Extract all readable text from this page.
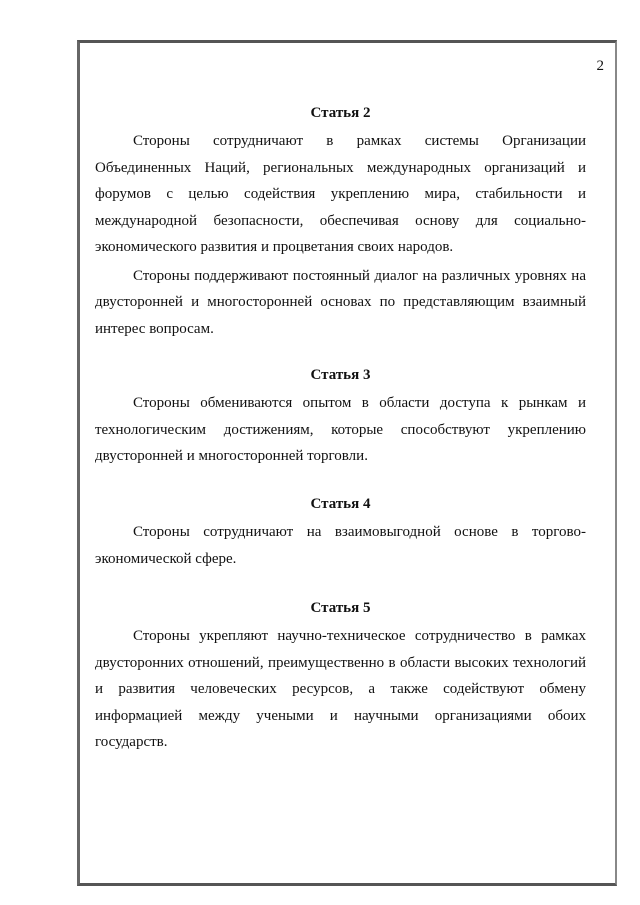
2
Статья 2

Стороны сотрудничают в рамках системы Организации Объединенных Наций, региональных международных организаций и форумов с целью содействия укреплению мира, стабильности и международной безопасности, обеспечивая основу для социально-экономического развития и процветания своих народов.

Стороны поддерживают постоянный диалог на различных уровнях на двусторонней и многосторонней основах по представляющим взаимный интерес вопросам.

Статья 3

Стороны обмениваются опытом в области доступа к рынкам и технологическим достижениям, которые способствуют укреплению двусторонней и многосторонней торговли.

Статья 4

Стороны сотрудничают на взаимовыгодной основе в торгово-экономической сфере.

Статья 5

Стороны укрепляют научно-техническое сотрудничество в рамках двусторонних отношений, преимущественно в области высоких технологий и развития человеческих ресурсов, а также содействуют обмену информацией между учеными и научными организациями обоих государств.
